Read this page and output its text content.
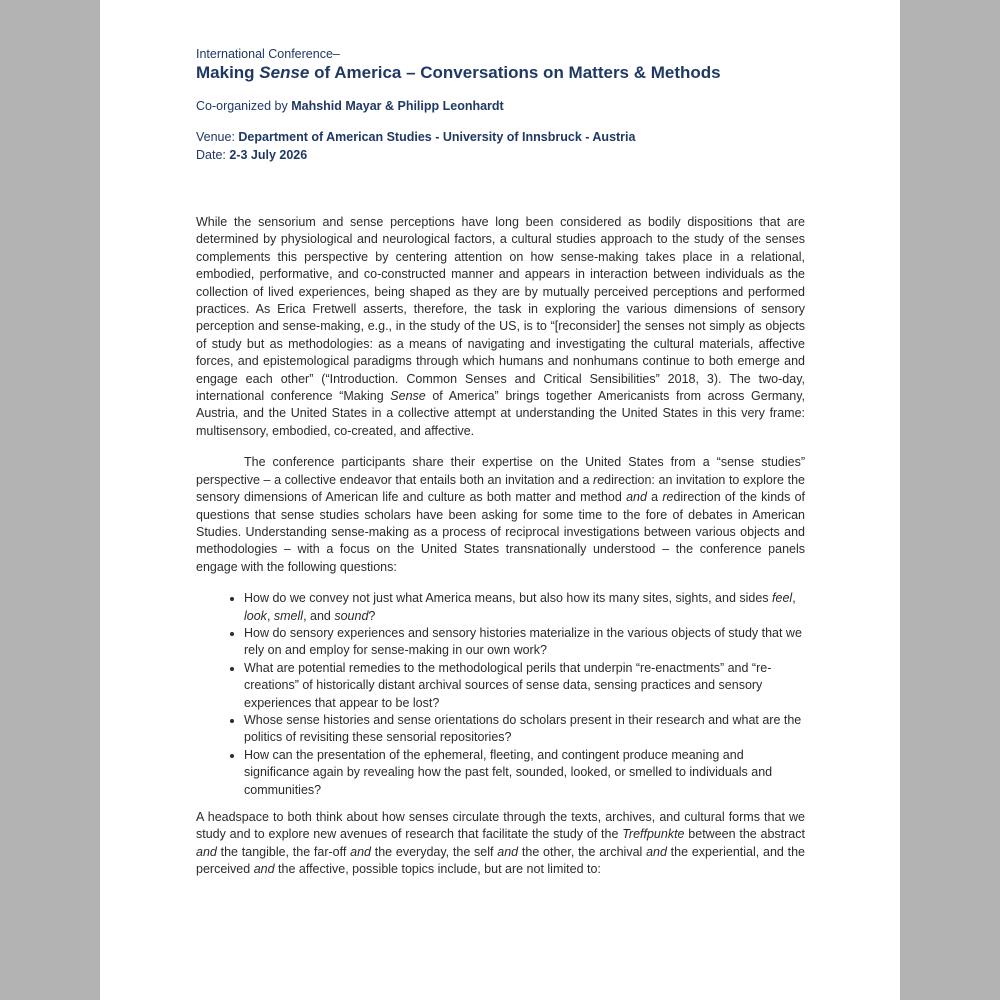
International Conference–

Making Sense of America – Conversations on Matters & Methods

Co-organized by Mahshid Mayar & Philipp Leonhardt

Venue: Department of American Studies - University of Innsbruck - Austria

Date: 2-3 July 2026

While the sensorium and sense perceptions have long been considered as bodily dispositions that are determined by physiological and neurological factors, a cultural studies approach to the study of the senses complements this perspective by centering attention on how sense-making takes place in a relational, embodied, performative, and co-constructed manner and appears in interaction between individuals as the collection of lived experiences, being shaped as they are by mutually perceived perceptions and performed practices. As Erica Fretwell asserts, therefore, the task in exploring the various dimensions of sensory perception and sense-making, e.g., in the study of the US, is to “[reconsider] the senses not simply as objects of study but as methodologies: as a means of navigating and investigating the cultural materials, affective forces, and epistemological paradigms through which humans and nonhumans continue to both emerge and engage each other” (“Introduction. Common Senses and Critical Sensibilities” 2018, 3). The two-day, international conference “Making Sense of America” brings together Americanists from across Germany, Austria, and the United States in a collective attempt at understanding the United States in this very frame: multisensory, embodied, co-created, and affective.

The conference participants share their expertise on the United States from a “sense studies” perspective – a collective endeavor that entails both an invitation and a redirection: an invitation to explore the sensory dimensions of American life and culture as both matter and method and a redirection of the kinds of questions that sense studies scholars have been asking for some time to the fore of debates in American Studies. Understanding sense-making as a process of reciprocal investigations between various objects and methodologies – with a focus on the United States transnationally understood – the conference panels engage with the following questions:

• How do we convey not just what America means, but also how its many sites, sights, and sides feel, look, smell, and sound?
• How do sensory experiences and sensory histories materialize in the various objects of study that we rely on and employ for sense-making in our own work?
• What are potential remedies to the methodological perils that underpin “re-enactments” and “re-creations” of historically distant archival sources of sense data, sensing practices and sensory experiences that appear to be lost?
• Whose sense histories and sense orientations do scholars present in their research and what are the politics of revisiting these sensorial repositories?
• How can the presentation of the ephemeral, fleeting, and contingent produce meaning and significance again by revealing how the past felt, sounded, looked, or smelled to individuals and communities?

A headspace to both think about how senses circulate through the texts, archives, and cultural forms that we study and to explore new avenues of research that facilitate the study of the Treffpunkte between the abstract and the tangible, the far-off and the everyday, the self and the other, the archival and the experiential, and the perceived and the affective, possible topics include, but are not limited to:
